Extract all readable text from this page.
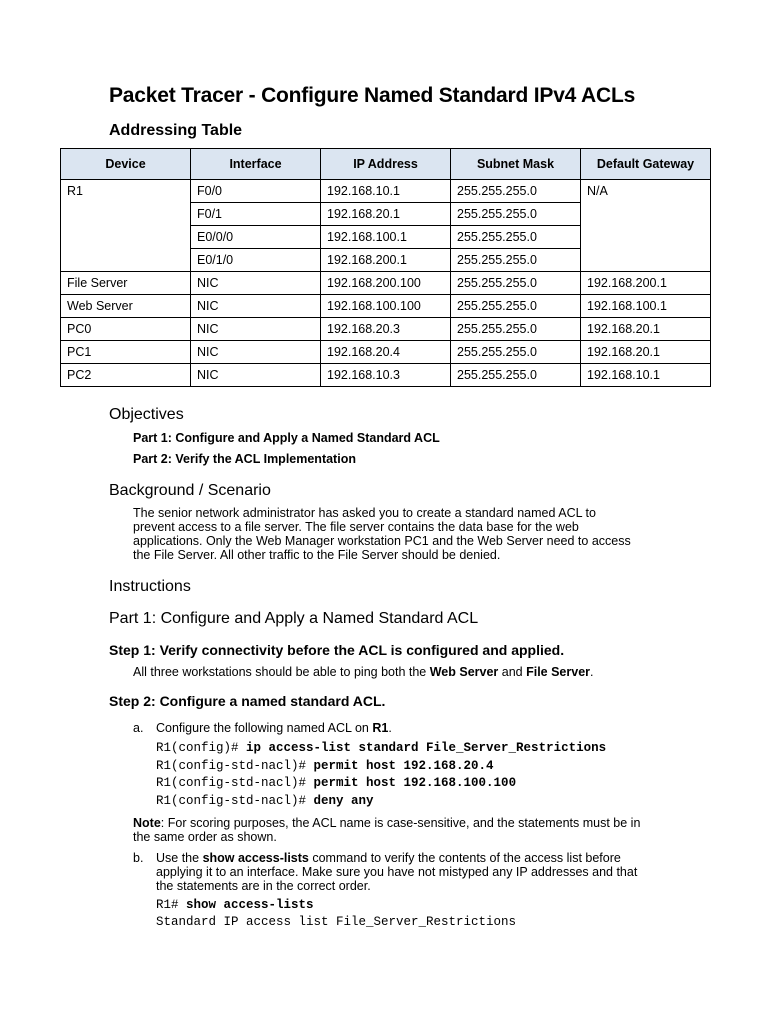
Packet Tracer - Configure Named Standard IPv4 ACLs
Addressing Table
Device	Interface	IP Address	Subnet Mask	Default Gateway
R1	F0/0	192.168.10.1	255.255.255.0	N/A
	F0/1	192.168.20.1	255.255.255.0	
	E0/0/0	192.168.100.1	255.255.255.0	
	E0/1/0	192.168.200.1	255.255.255.0	
File Server	NIC	192.168.200.100	255.255.255.0	192.168.200.1
Web Server	NIC	192.168.100.100	255.255.255.0	192.168.100.1
PC0	NIC	192.168.20.3	255.255.255.0	192.168.20.1
PC1	NIC	192.168.20.4	255.255.255.0	192.168.20.1
PC2	NIC	192.168.10.3	255.255.255.0	192.168.10.1
Objectives
Part 1: Configure and Apply a Named Standard ACL
Part 2: Verify the ACL Implementation
Background / Scenario
The senior network administrator has asked you to create a standard named ACL to
prevent access to a file server. The file server contains the data base for the web
applications. Only the Web Manager workstation PC1 and the Web Server need to access
the File Server. All other traffic to the File Server should be denied.
Instructions
Part 1: Configure and Apply a Named Standard ACL
Step 1: Verify connectivity before the ACL is configured and applied.
All three workstations should be able to ping both the Web Server and File Server.
Step 2: Configure a named standard ACL.
a. Configure the following named ACL on R1.
R1(config)# ip access-list standard File_Server_Restrictions
R1(config-std-nacl)# permit host 192.168.20.4
R1(config-std-nacl)# permit host 192.168.100.100
R1(config-std-nacl)# deny any
Note: For scoring purposes, the ACL name is case-sensitive, and the statements must be in
the same order as shown.
b. Use the show access-lists command to verify the contents of the access list before
applying it to an interface. Make sure you have not mistyped any IP addresses and that
the statements are in the correct order.
R1# show access-lists
Standard IP access list File_Server_Restrictions
